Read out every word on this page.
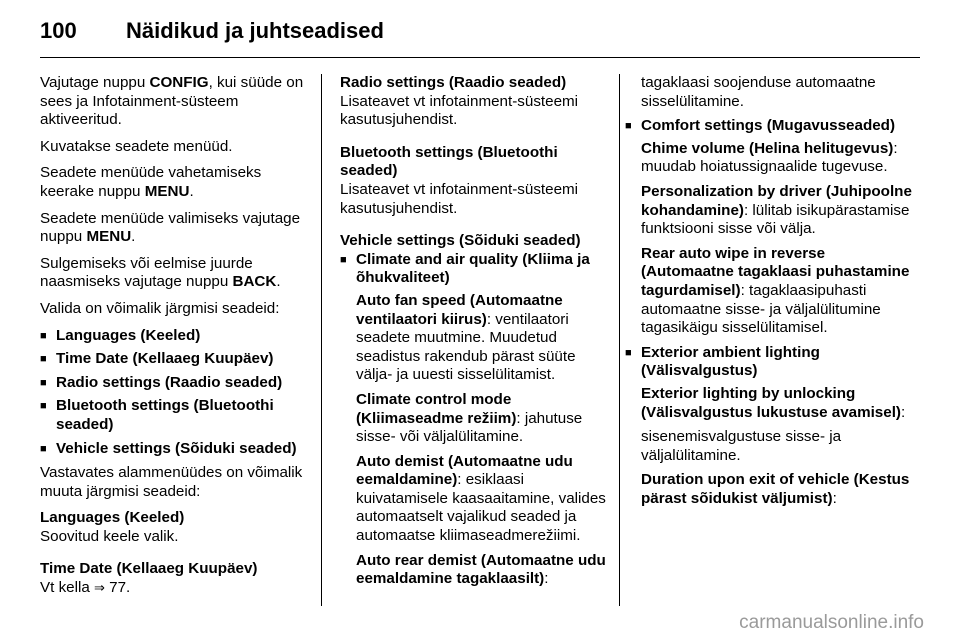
100 Näidikud ja juhtseadised

Vajutage nuppu CONFIG, kui süüde on sees ja Infotainment-süsteem aktiveeritud.

Kuvatakse seadete menüüd.

Seadete menüüde vahetamiseks keerake nuppu MENU.

Seadete menüüde valimiseks vajutage nuppu MENU.

Sulgemiseks või eelmise juurde naasmiseks vajutage nuppu BACK.

Valida on võimalik järgmisi seadeid:

■ Languages (Keeled)
■ Time Date (Kellaaeg Kuupäev)
■ Radio settings (Raadio seaded)
■ Bluetooth settings (Bluetoothi seaded)
■ Vehicle settings (Sõiduki seaded)

Vastavates alammenüüdes on võimalik muuta järgmisi seadeid:

Languages (Keeled)

Soovitud keele valik.

Time Date (Kellaaeg Kuupäev)

Vt kella ⇒ 77.

Radio settings (Raadio seaded)

Lisateavet vt infotainment-süsteemi kasutusjuhendist.

Bluetooth settings (Bluetoothi seaded)

Lisateavet vt infotainment-süsteemi kasutusjuhendist.

Vehicle settings (Sõiduki seaded)
■ Climate and air quality (Kliima ja õhukvaliteet)

Auto fan speed (Automaatne ventilaatori kiirus): ventilaatori seadete muutmine. Muudetud seadistus rakendub pärast süüte välja- ja uuesti sisselülitamist.

Climate control mode (Kliimaseadme režiim): jahutuse sisse- või väljalülitamine.

Auto demist (Automaatne udu eemaldamine): esiklaasi kuivatamisele kaasaaitamine, valides automaatselt vajalikud seaded ja automaatse kliimaseadmerežiimi.

Auto rear demist (Automaatne udu eemaldamine tagaklaasilt):

tagaklaasi soojenduse automaatne sisselülitamine.

■ Comfort settings (Mugavusseaded)

Chime volume (Helina helitugevus): muudab hoiatussignaalide tugevuse.

Personalization by driver (Juhipoolne kohandamine): lülitab isikupärastamise funktsiooni sisse või välja.

Rear auto wipe in reverse (Automaatne tagaklaasi puhastamine tagurdamisel): tagaklaasipuhasti automaatne sisse- ja väljalülitumine tagasikäigu sisselülitamisel.

■ Exterior ambient lighting (Välisvalgustus)

Exterior lighting by unlocking (Välisvalgustus lukustuse avamisel):

sisenemisvalgustuse sisse- ja väljalülitamine.

Duration upon exit of vehicle (Kestus pärast sõidukist väljumist):

carmanualsonline.info
